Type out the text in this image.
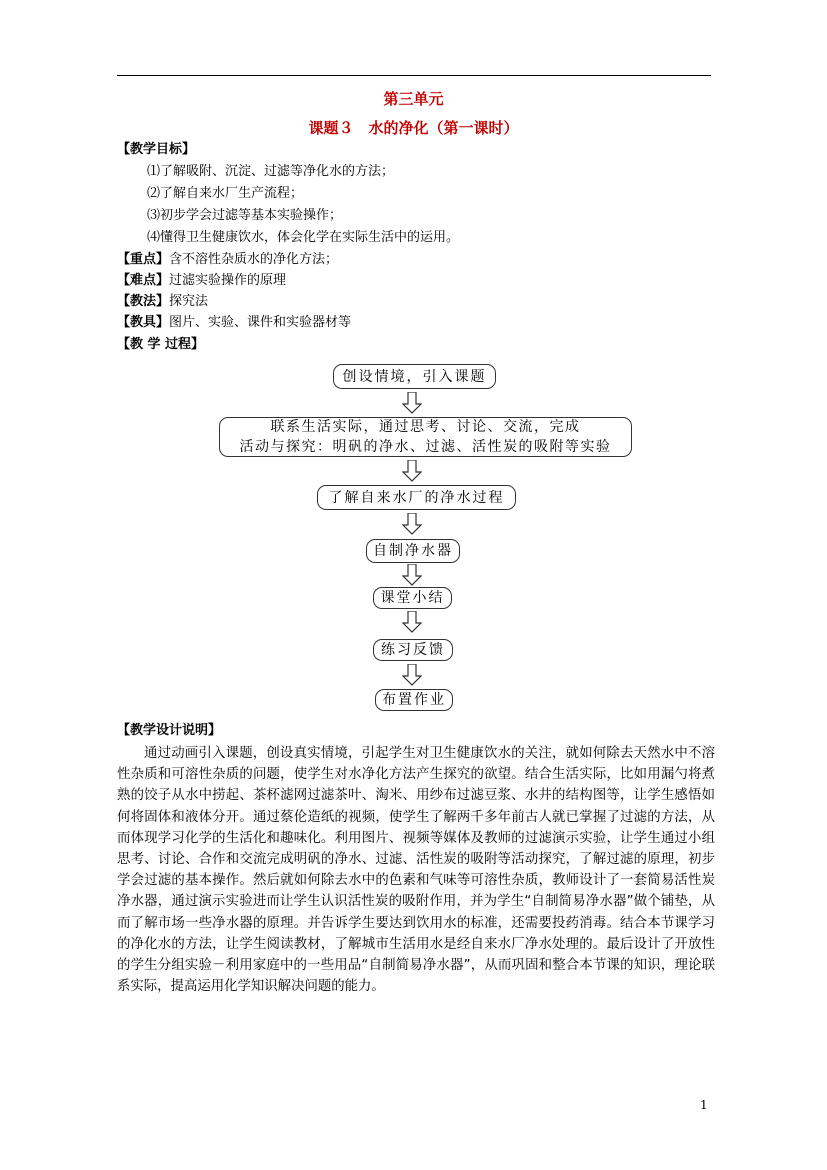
第三单元
课题３　水的净化（第一课时）
【教学目标】
⑴了解吸附、沉淀、过滤等净化水的方法；
⑵了解自来水厂生产流程；
⑶初步学会过滤等基本实验操作；
⑷懂得卫生健康饮水，体会化学在实际生活中的运用。
【重点】含不溶性杂质水的净化方法；
【难点】过滤实验操作的原理
【教法】探究法
【教具】图片、实验、课件和实验器材等
【教 学 过程】
创设情境，引入课题
联系生活实际，通过思考、讨论、交流，完成
活动与探究：明矾的净水、过滤、活性炭的吸附等实验
了解自来水厂的净水过程
自制净水器
课堂小结
练习反馈
布置作业
【教学设计说明】
通过动画引入课题，创设真实情境，引起学生对卫生健康饮水的关注，就如何除去天然水中不溶性杂质和可溶性杂质的问题，使学生对水净化方法产生探究的欲望。结合生活实际，比如用漏勺将煮熟的饺子从水中捞起、茶杯滤网过滤茶叶、淘米、用纱布过滤豆浆、水井的结构图等，让学生感悟如何将固体和液体分开。通过蔡伦造纸的视频，使学生了解两千多年前古人就已掌握了过滤的方法，从而体现学习化学的生活化和趣味化。利用图片、视频等媒体及教师的过滤演示实验，让学生通过小组思考、讨论、合作和交流完成明矾的净水、过滤、活性炭的吸附等活动探究，了解过滤的原理，初步学会过滤的基本操作。然后就如何除去水中的色素和气味等可溶性杂质，教师设计了一套简易活性炭净水器，通过演示实验进而让学生认识活性炭的吸附作用，并为学生“自制简易净水器”做个铺垫，从而了解市场一些净水器的原理。并告诉学生要达到饮用水的标准，还需要投药消毒。结合本节课学习的净化水的方法，让学生阅读教材，了解城市生活用水是经自来水厂净水处理的。最后设计了开放性的学生分组实验－利用家庭中的一些用品“自制简易净水器”，从而巩固和整合本节课的知识，理论联系实际，提高运用化学知识解决问题的能力。
1
